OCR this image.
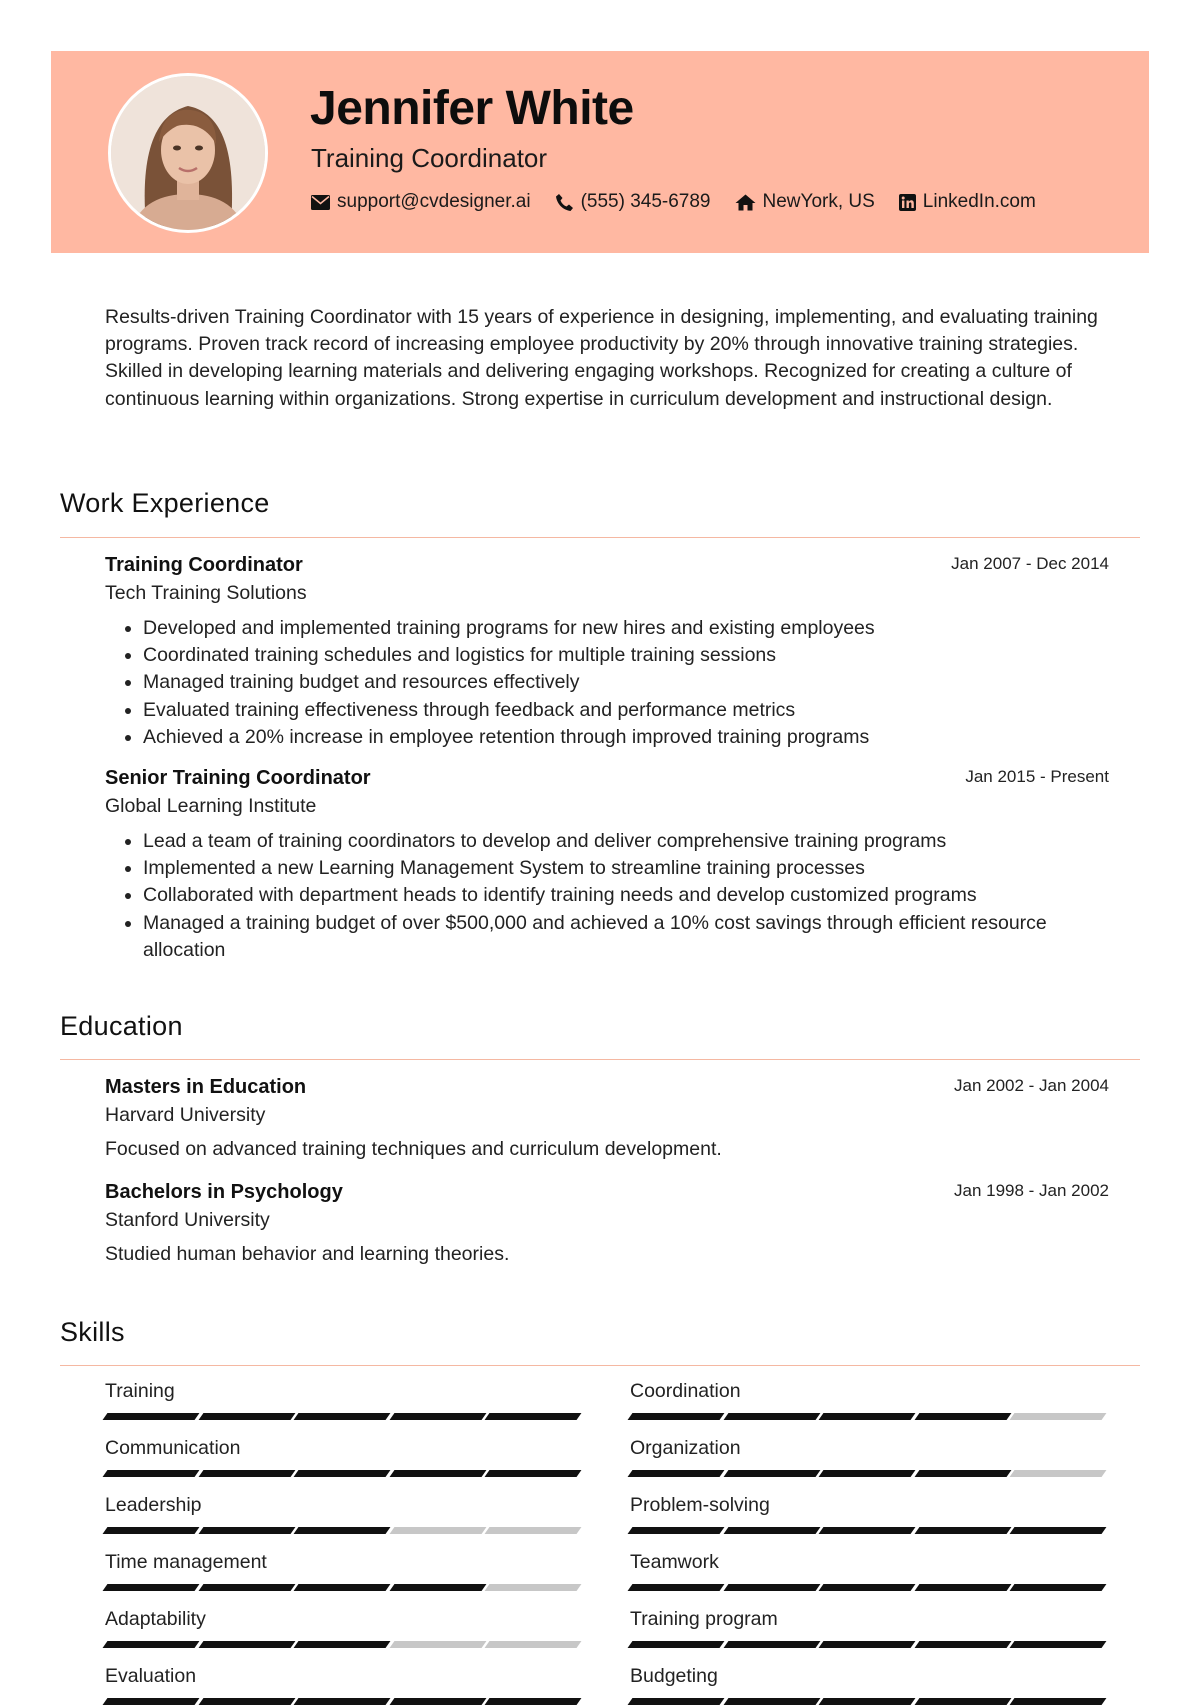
Jennifer White
Training Coordinator
support@cvdesigner.ai	(555) 345-6789	NewYork, US	LinkedIn.com

Results-driven Training Coordinator with 15 years of experience in designing, implementing, and evaluating training programs. Proven track record of increasing employee productivity by 20% through innovative training strategies. Skilled in developing learning materials and delivering engaging workshops. Recognized for creating a culture of continuous learning within organizations. Strong expertise in curriculum development and instructional design.

Work Experience
Training Coordinator	Jan 2007 - Dec 2014
Tech Training Solutions
• Developed and implemented training programs for new hires and existing employees
• Coordinated training schedules and logistics for multiple training sessions
• Managed training budget and resources effectively
• Evaluated training effectiveness through feedback and performance metrics
• Achieved a 20% increase in employee retention through improved training programs
Senior Training Coordinator	Jan 2015 - Present
Global Learning Institute
• Lead a team of training coordinators to develop and deliver comprehensive training programs
• Implemented a new Learning Management System to streamline training processes
• Collaborated with department heads to identify training needs and develop customized programs
• Managed a training budget of over $500,000 and achieved a 10% cost savings through efficient resource allocation
Education
Masters in Education	Jan 2002 - Jan 2004
Harvard University
Focused on advanced training techniques and curriculum development.
Bachelors in Psychology	Jan 1998 - Jan 2002
Stanford University
Studied human behavior and learning theories.
Skills
Training	Coordination
Communication	Organization
Leadership	Problem-solving
Time management	Teamwork
Adaptability	Training program
Evaluation	Budgeting
